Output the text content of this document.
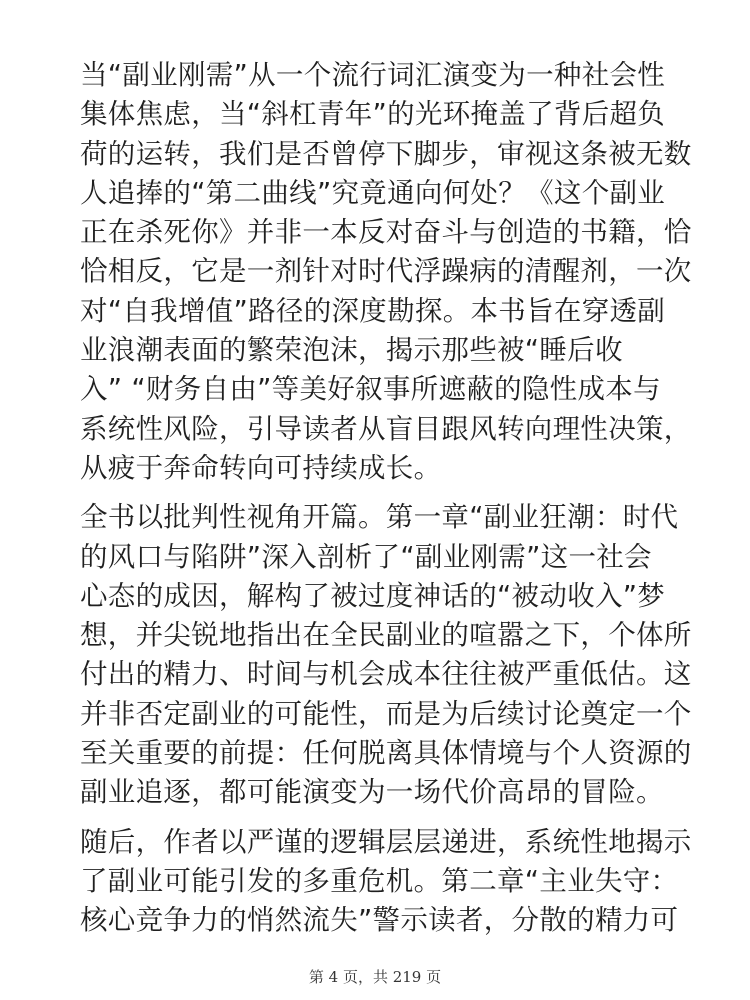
当“副业刚需”从一个流行词汇演变为一种社会性
集体焦虑，当“斜杠青年”的光环掩盖了背后超负
荷的运转，我们是否曾停下脚步，审视这条被无数
人追捧的“第二曲线”究竟通向何处？《这个副业
正在杀死你》并非一本反对奋斗与创造的书籍，恰
恰相反，它是一剂针对时代浮躁病的清醒剂，一次
对“自我增值”路径的深度勘探。本书旨在穿透副
业浪潮表面的繁荣泡沫，揭示那些被“睡后收
入” “财务自由”等美好叙事所遮蔽的隐性成本与
系统性风险，引导读者从盲目跟风转向理性决策，
从疲于奔命转向可持续成长。
全书以批判性视角开篇。第一章“副业狂潮：时代
的风口与陷阱”深入剖析了“副业刚需”这一社会
心态的成因，解构了被过度神话的“被动收入”梦
想，并尖锐地指出在全民副业的喧嚣之下，个体所
付出的精力、时间与机会成本往往被严重低估。这
并非否定副业的可能性，而是为后续讨论奠定一个
至关重要的前提：任何脱离具体情境与个人资源的
副业追逐，都可能演变为一场代价高昂的冒险。
随后，作者以严谨的逻辑层层递进，系统性地揭示
了副业可能引发的多重危机。第二章“主业失守：
核心竞争力的悄然流失”警示读者，分散的精力可
第 4 页，共 219 页
